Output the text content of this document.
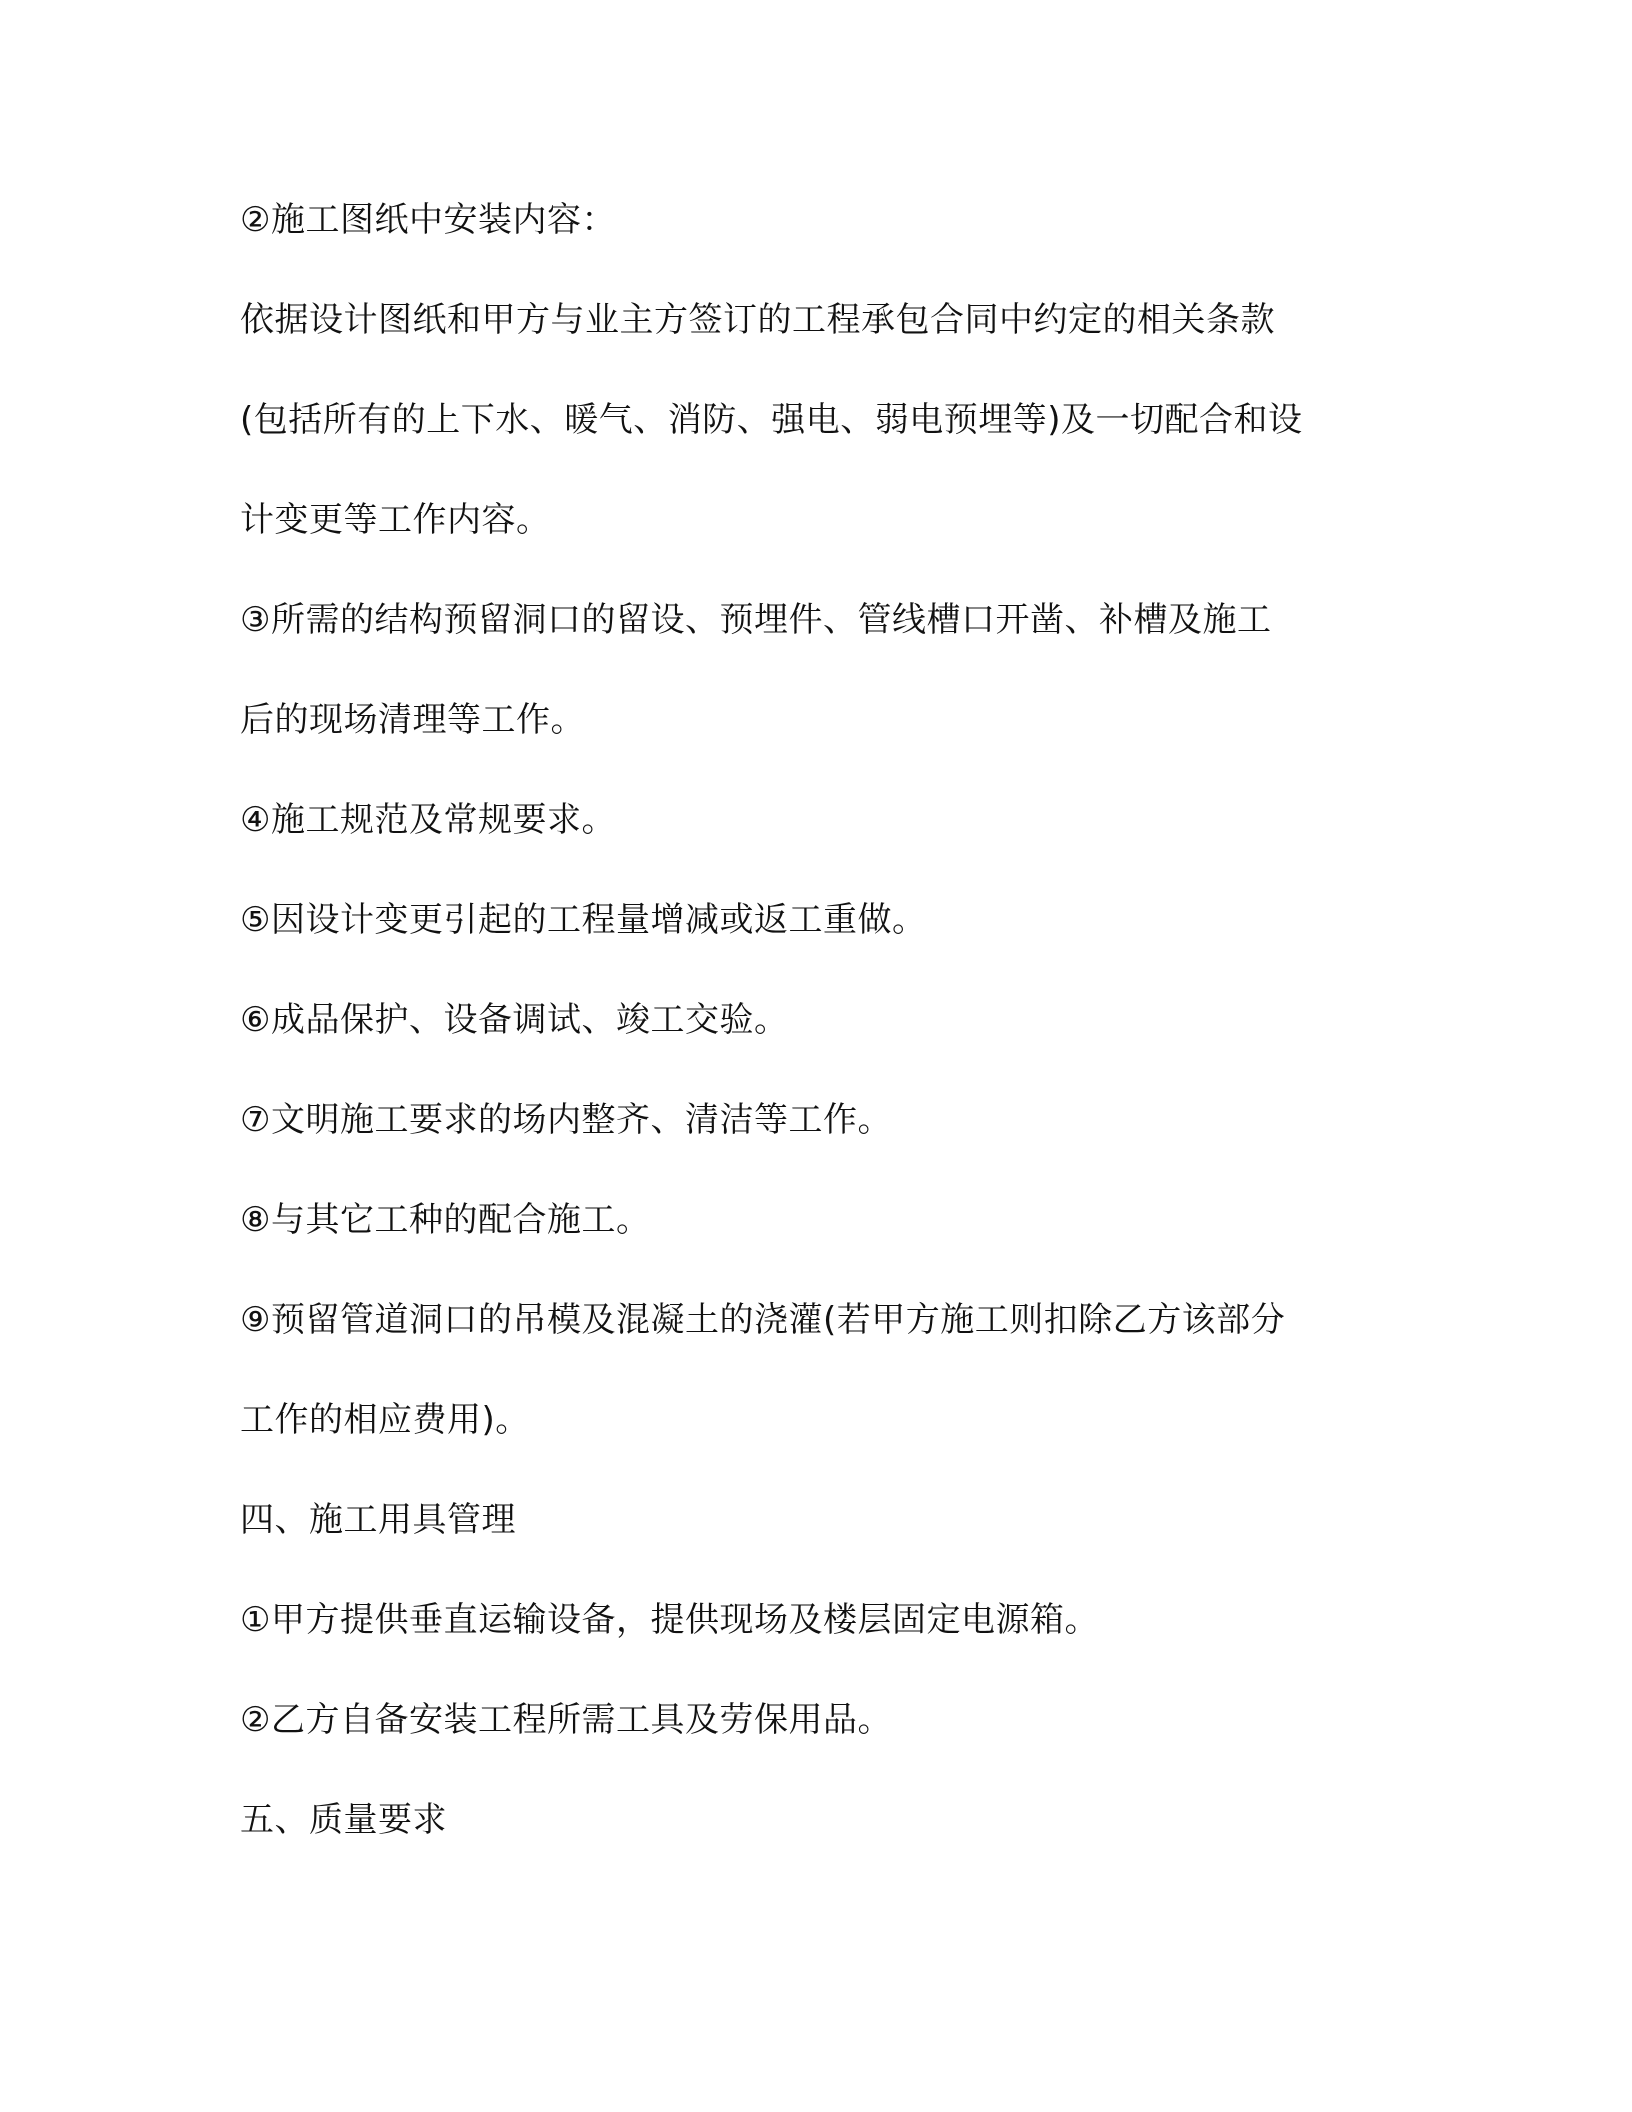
②施工图纸中安装内容：
依据设计图纸和甲方与业主方签订的工程承包合同中约定的相关条款
(包括所有的上下水、暖气、消防、强电、弱电预埋等)及一切配合和设
计变更等工作内容。
③所需的结构预留洞口的留设、预埋件、管线槽口开凿、补槽及施工
后的现场清理等工作。
④施工规范及常规要求。
⑤因设计变更引起的工程量增减或返工重做。
⑥成品保护、设备调试、竣工交验。
⑦文明施工要求的场内整齐、清洁等工作。
⑧与其它工种的配合施工。
⑨预留管道洞口的吊模及混凝土的浇灌(若甲方施工则扣除乙方该部分
工作的相应费用)。
四、施工用具管理
①甲方提供垂直运输设备，提供现场及楼层固定电源箱。
②乙方自备安装工程所需工具及劳保用品。
五、质量要求
